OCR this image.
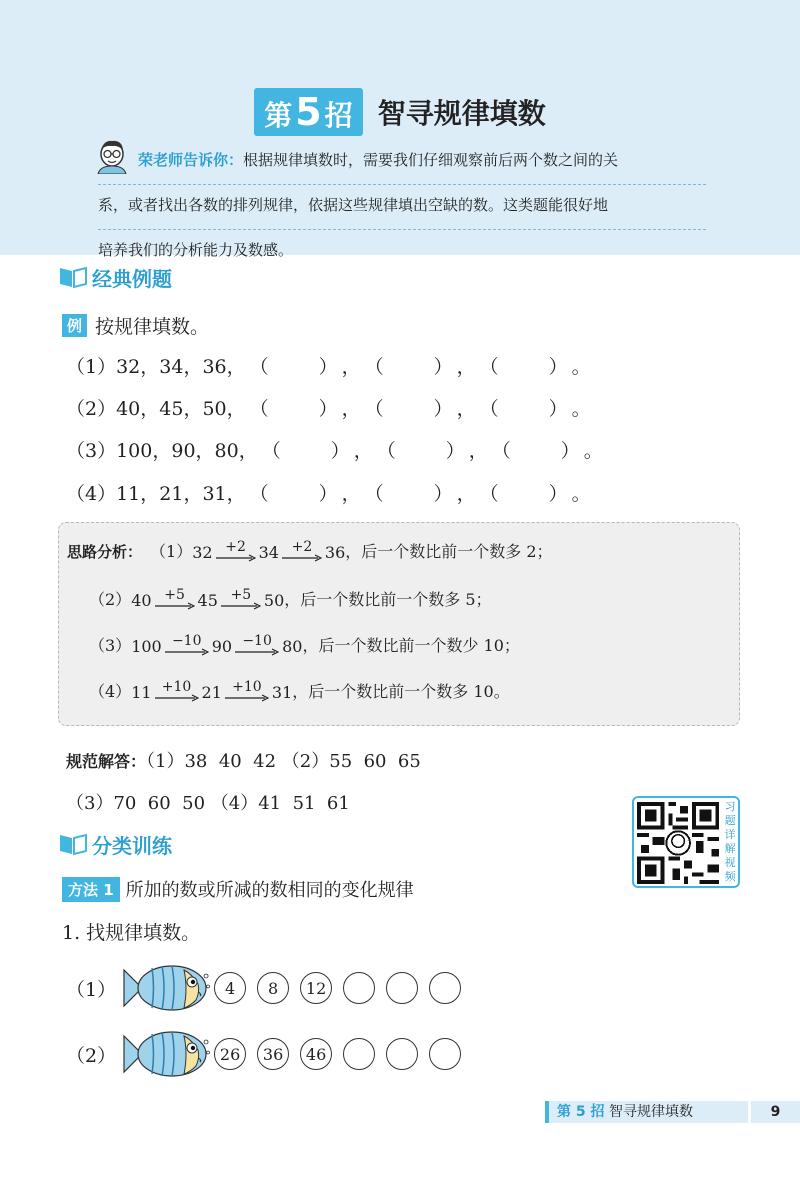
第5 招 智寻规律填数
荣老师告诉你：根据规律填数时，需要我们仔细观察前后两个数之间的关
系，或者找出各数的排列规律，依据这些规律填出空缺的数。这类题能很好地
培养我们的分析能力及数感。
经典例题
例 按规律填数。
（1）32，34，36， （	） ， （	） ， （	） 。
（2）40，45，50， （	） ， （	） ， （	） 。
（3）100，90，80， （	） ， （	） ， （	） 。
（4）11，21，31， （	） ， （	） ， （	） 。
思路分析： （1） 32 +2 34 +2 36 ，后一个数比前一个数多 2；
（2） 40 +5 45 +5 50 ，后一个数比前一个数多 5；
（3） 100 −10 90 −10 80 ，后一个数比前一个数少 10；
（4） 11 +10 21 +10 31 ，后一个数比前一个数多 10。
规范解答：（1）38  40  42 （2）55  60  65
（3）70  60  50 （4）41  51  61	习
题
详
解
视
频
分类训练
方法 1 所加的数或所减的数相同的变化规律
1. 找规律填数。
（1）	4	8	12
（2）	26	36	46
第 5 招 智寻规律填数	9
